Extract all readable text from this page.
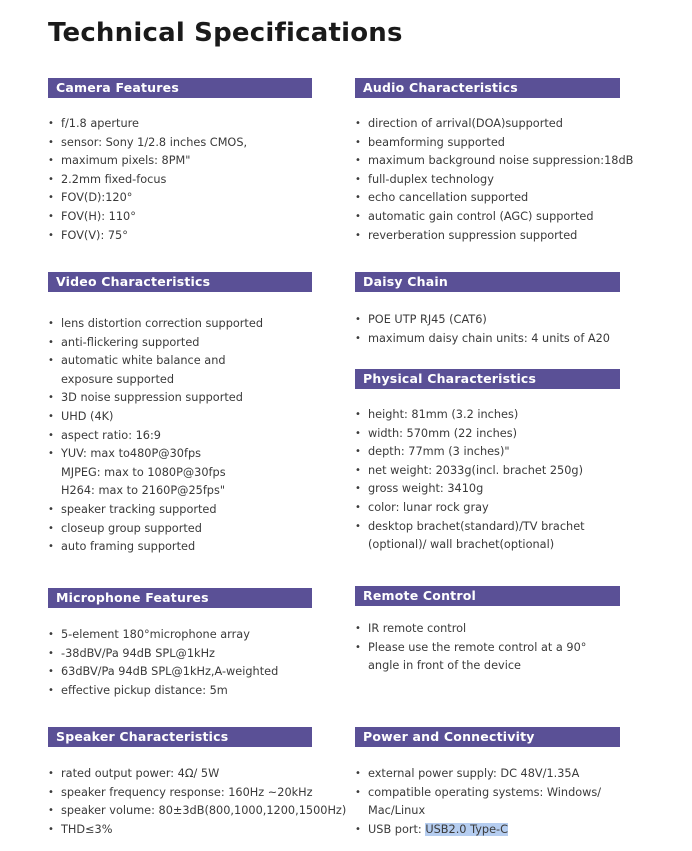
Technical Specifications
Camera Features
• f/1.8 aperture
• sensor: Sony 1/2.8 inches CMOS,
• maximum pixels: 8PM"
• 2.2mm fixed-focus
• FOV(D):120°
• FOV(H): 110°
• FOV(V): 75°
Audio Characteristics
• direction of arrival(DOA)supported
• beamforming supported
• maximum background noise suppression:18dB
• full-duplex technology
• echo cancellation supported
• automatic gain control (AGC) supported
• reverberation suppression supported
Video Characteristics
• lens distortion correction supported
• anti-flickering supported
• automatic white balance and
exposure supported
• 3D noise suppression supported
• UHD (4K)
• aspect ratio: 16:9
• YUV: max to480P@30fps
MJPEG: max to 1080P@30fps
H264: max to 2160P@25fps"
• speaker tracking supported
• closeup group supported
• auto framing supported
Daisy Chain
• POE UTP RJ45 (CAT6)
• maximum daisy chain units: 4 units of A20
Physical Characteristics
• height: 81mm (3.2 inches)
• width: 570mm (22 inches)
• depth: 77mm (3 inches)"
• net weight: 2033g(incl. brachet 250g)
• gross weight: 3410g
• color: lunar rock gray
• desktop brachet(standard)/TV brachet
(optional)/ wall brachet(optional)
Microphone Features
• 5-element 180°microphone array
• -38dBV/Pa 94dB SPL@1kHz
• 63dBV/Pa 94dB SPL@1kHz,A-weighted
• effective pickup distance: 5m
Remote Control
• IR remote control
• Please use the remote control at a 90°
angle in front of the device
Speaker Characteristics
• rated output power: 4Ω/ 5W
• speaker frequency response: 160Hz ~20kHz
• speaker volume: 80±3dB(800,1000,1200,1500Hz)
• THD≤3%
Power and Connectivity
• external power supply: DC 48V/1.35A
• compatible operating systems: Windows/
Mac/Linux
• USB port: USB2.0 Type-C
